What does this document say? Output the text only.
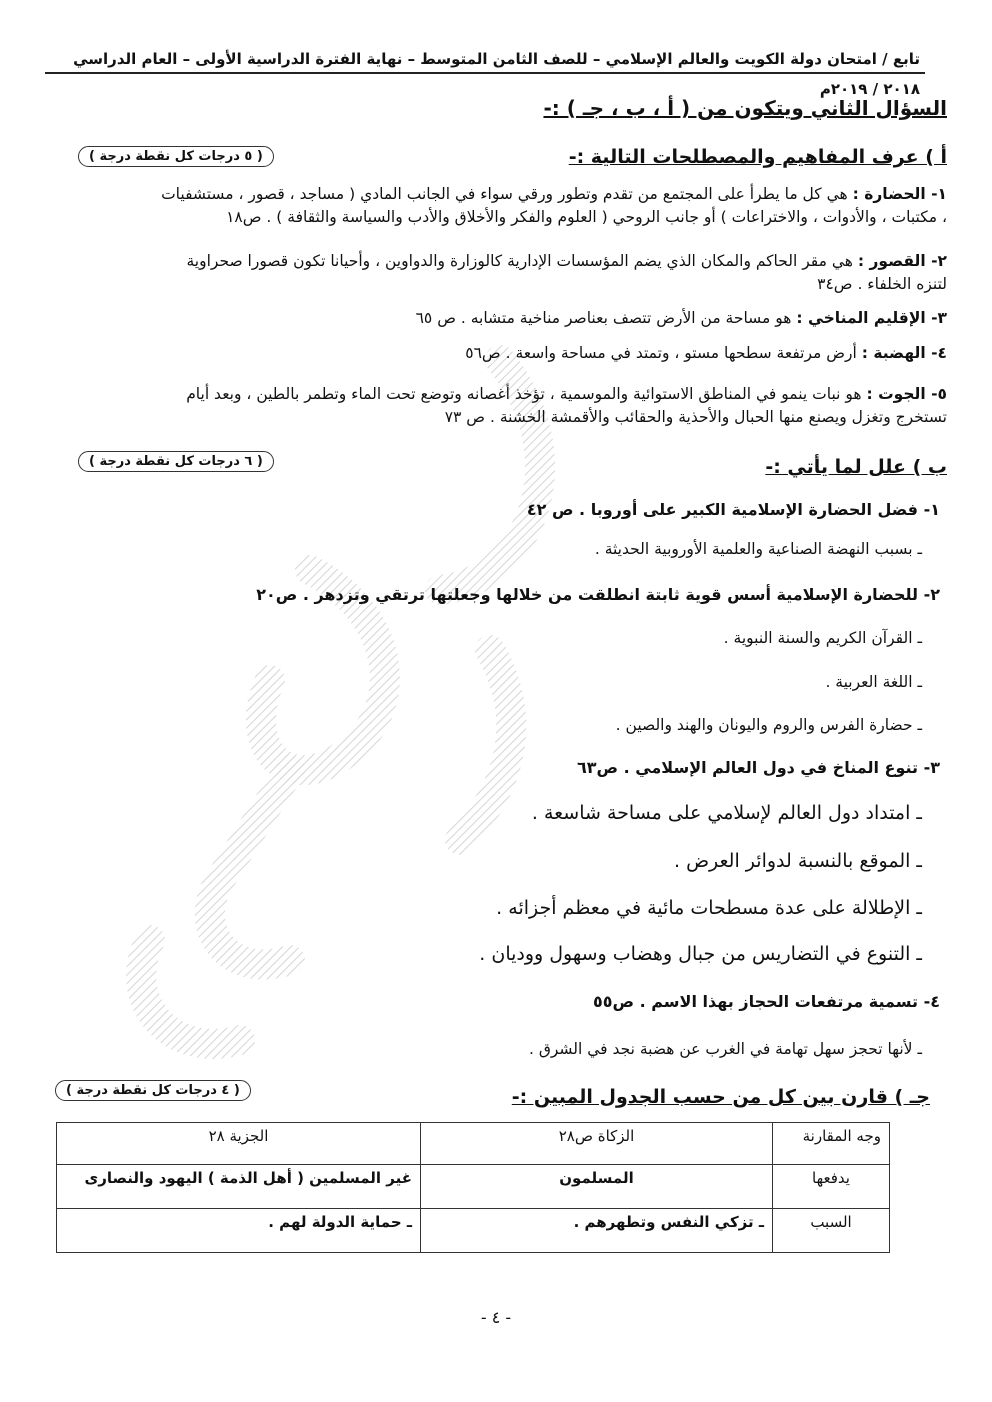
تابع / امتحان دولة الكويت والعالم الإسلامي – للصف الثامن المتوسط – نهاية الفترة الدراسية الأولى – العام الدراسي ٢٠١٨ / ٢٠١٩م
السؤال الثاني ويتكون من ( أ ، ب ، جـ ) :-
أ ) عرف المفاهيم والمصطلحات التالية :-
( ٥ درجات كل نقطة درجة )
١- الحضارة : هي كل ما يطرأ على المجتمع من تقدم وتطور ورقي سواء في الجانب المادي ( مساجد ، قصور ، مستشفيات
، مكتبات ، والأدوات ، والاختراعات ) أو جانب الروحي ( العلوم والفكر والأخلاق والأدب والسياسة والثقافة ) . ص١٨
٢- القصور : هي مقر الحاكم والمكان الذي يضم المؤسسات الإدارية كالوزارة والدواوين ، وأحيانا تكون قصورا صحراوية
لتنزه الخلفاء . ص٣٤
٣- الإقليم المناخي : هو مساحة من الأرض تتصف بعناصر مناخية متشابه . ص ٦٥
٤- الهضبة : أرض مرتفعة سطحها مستو ، وتمتد في مساحة واسعة . ص٥٦
٥- الجوت : هو نبات ينمو في المناطق الاستوائية والموسمية ، تؤخذ أغصانه وتوضع تحت الماء وتطمر بالطين ، وبعد أيام
تستخرج وتغزل ويصنع منها الحبال والأحذية والحقائب والأقمشة الخشنة . ص ٧٣
ب ) علل لما يأتي :-
( ٦ درجات كل نقطة درجة )
١- فضل الحضارة الإسلامية الكبير على أوروبا . ص ٤٢
ـ بسبب النهضة الصناعية والعلمية الأوروبية الحديثة .
٢- للحضارة الإسلامية أسس قوية ثابتة انطلقت من خلالها وجعلتها ترتقي وتزدهر . ص٢٠
ـ القرآن الكريم والسنة النبوية .
ـ اللغة العربية .
ـ حضارة الفرس والروم واليونان والهند والصين .
٣- تنوع المناخ في دول العالم الإسلامي . ص٦٣
ـ امتداد دول العالم لإسلامي على مساحة شاسعة .
ـ الموقع بالنسبة لدوائر العرض .
ـ الإطلالة على عدة مسطحات مائية في معظم أجزائه .
ـ التنوع في التضاريس من جبال وهضاب وسهول ووديان .
٤- تسمية مرتفعات الحجاز بهذا الاسم . ص٥٥
ـ لأنها تحجز سهل تهامة في الغرب عن هضبة نجد في الشرق .
جـ ) قارن بين كل من حسب الجدول المبين :-
( ٤ درجات كل نقطة درجة )
وجه المقارنة	الزكاة ص٢٨	الجزية ٢٨
يدفعها	المسلمون	غير المسلمين ( أهل الذمة ) اليهود والنصارى
السبب	ـ تزكي النفس وتطهرهم .	ـ حماية الدولة لهم .
- ٤ -
